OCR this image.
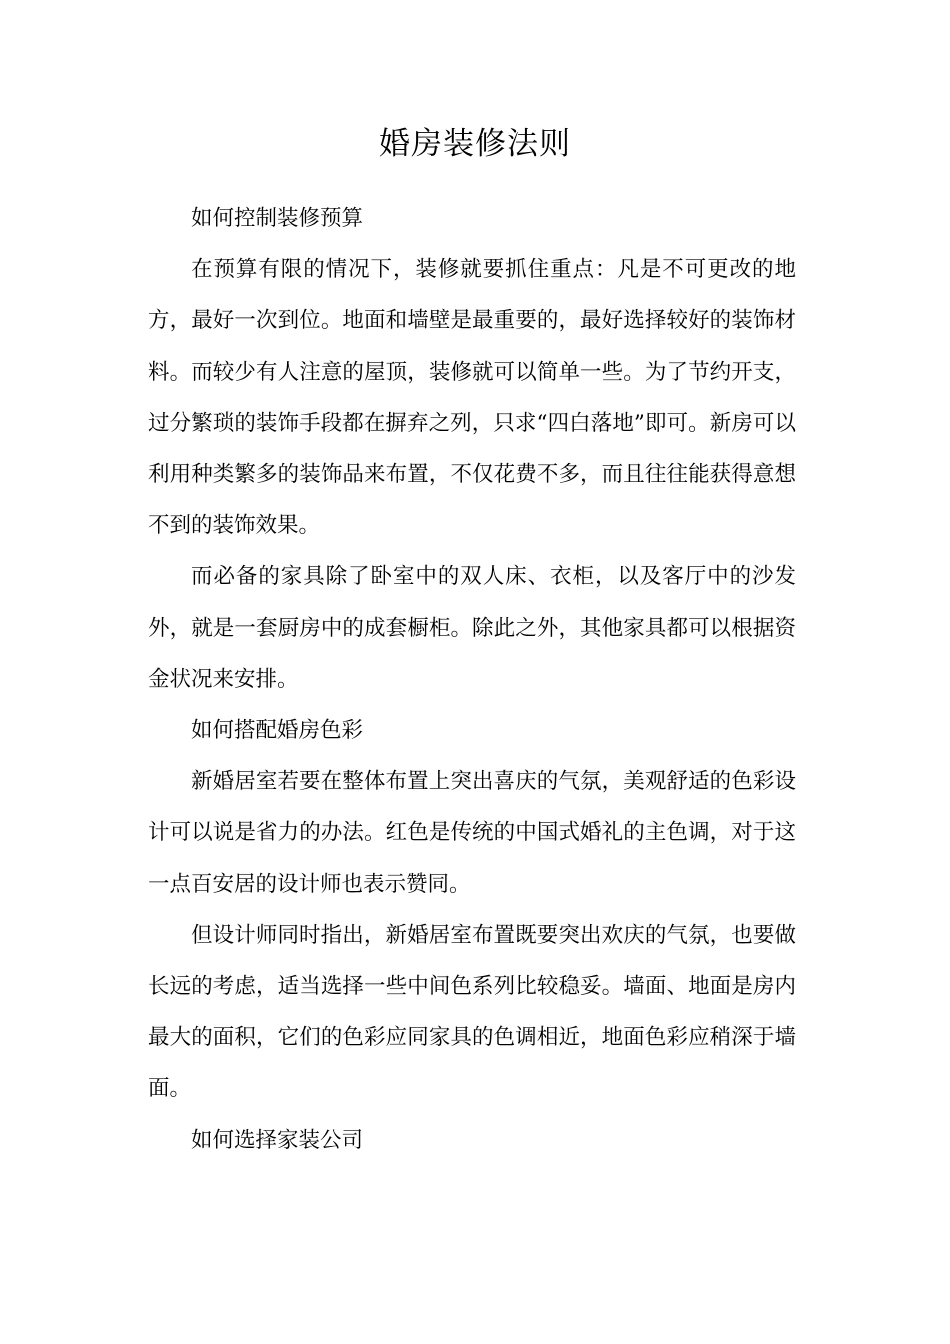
婚房装修法则

如何控制装修预算

在预算有限的情况下，装修就要抓住重点：凡是不可更改的地方，最好一次到位。地面和墙壁是最重要的，最好选择较好的装饰材料。而较少有人注意的屋顶，装修就可以简单一些。为了节约开支，过分繁琐的装饰手段都在摒弃之列，只求“四白落地”即可。新房可以利用种类繁多的装饰品来布置，不仅花费不多，而且往往能获得意想不到的装饰效果。

而必备的家具除了卧室中的双人床、衣柜，以及客厅中的沙发外，就是一套厨房中的成套橱柜。除此之外，其他家具都可以根据资金状况来安排。

如何搭配婚房色彩

新婚居室若要在整体布置上突出喜庆的气氛，美观舒适的色彩设计可以说是省力的办法。红色是传统的中国式婚礼的主色调，对于这一点百安居的设计师也表示赞同。

但设计师同时指出，新婚居室布置既要突出欢庆的气氛，也要做长远的考虑，适当选择一些中间色系列比较稳妥。墙面、地面是房内最大的面积，它们的色彩应同家具的色调相近，地面色彩应稍深于墙面。

如何选择家装公司
